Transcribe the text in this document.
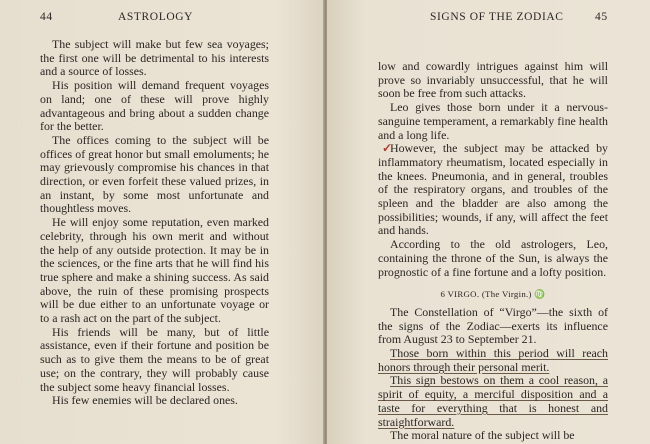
44	ASTROLOGY

The subject will make but few sea voyages; the first one will be detrimental to his interests and a source of losses.

His position will demand frequent voyages on land; one of these will prove highly advantageous and bring about a sudden change for the better.

The offices coming to the subject will be offices of great honor but small emoluments; he may grievously compromise his chances in that direction, or even forfeit these valued prizes, in an instant, by some most unfortunate and thoughtless moves.

He will enjoy some reputation, even marked celebrity, through his own merit and without the help of any outside protection. It may be in the sciences, or the fine arts that he will find his true sphere and make a shining success. As said above, the ruin of these promising prospects will be due either to an unfortunate voyage or to a rash act on the part of the subject.

His friends will be many, but of little assistance, even if their fortune and position be such as to give them the means to be of great use; on the contrary, they will probably cause the subject some heavy financial losses.

His few enemies will be declared ones.

SIGNS OF THE ZODIAC	45

low and cowardly intrigues against him will prove so invariably unsuccessful, that he will soon be free from such attacks.

Leo gives those born under it a nervous-sanguine temperament, a remarkably fine health and a long life.

✓
However, the subject may be attacked by inflammatory rheumatism, located especially in the knees. Pneumonia, and in general, troubles of the respiratory organs, and troubles of the spleen and the bladder are also among the possibilities; wounds, if any, will affect the feet and hands.

According to the old astrologers, Leo, containing the throne of the Sun, is always the prognostic of a fine fortune and a lofty position.

6 VIRGO. (The Virgin.) ♍

The Constellation of “Virgo”—the sixth of the signs of the Zodiac—exerts its influence from August 23 to September 21.

Those born within this period will reach honors through their personal merit.

This sign bestows on them a cool reason, a spirit of equity, a merciful disposition and a taste for everything that is honest and straightforward.

The moral nature of the subject will be
